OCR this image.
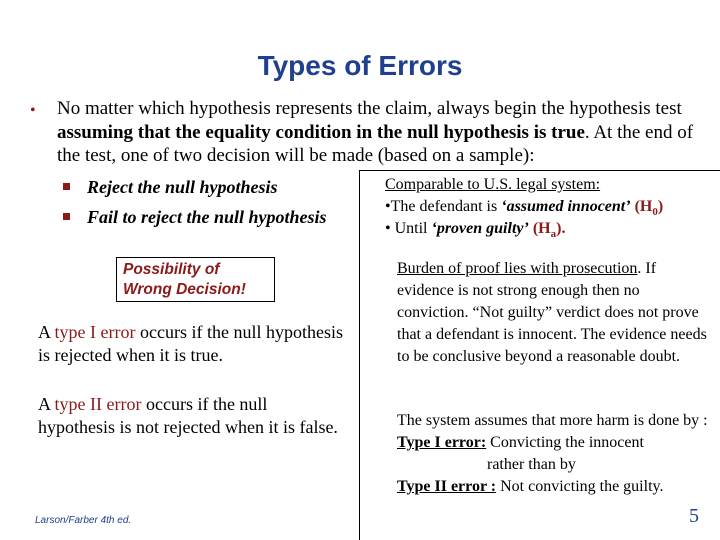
Types of Errors
• No matter which hypothesis represents the claim, always begin the hypothesis test assuming that the equality condition in the null hypothesis is true. At the end of the test, one of two decision will be made (based on a sample):
Reject the null hypothesis
Fail to reject the null hypothesis
Comparable to U.S. legal system:
•The defendant is ‘assumed innocent’ $(H_0)$
• Until ‘proven guilty’ $(H_a)$.
Possibility of Wrong Decision!
A type I error occurs if the null hypothesis is rejected when it is true.
A type II error occurs if the null hypothesis is not rejected when it is false.
Burden of proof lies with prosecution. If evidence is not strong enough then no conviction. “Not guilty” verdict does not prove that a defendant is innocent. The evidence needs to be conclusive beyond a reasonable doubt.
The system assumes that more harm is done by :
Type I error: Convicting the innocent
rather than by
Type II error : Not convicting the guilty.
Larson/Farber 4th ed.	5
